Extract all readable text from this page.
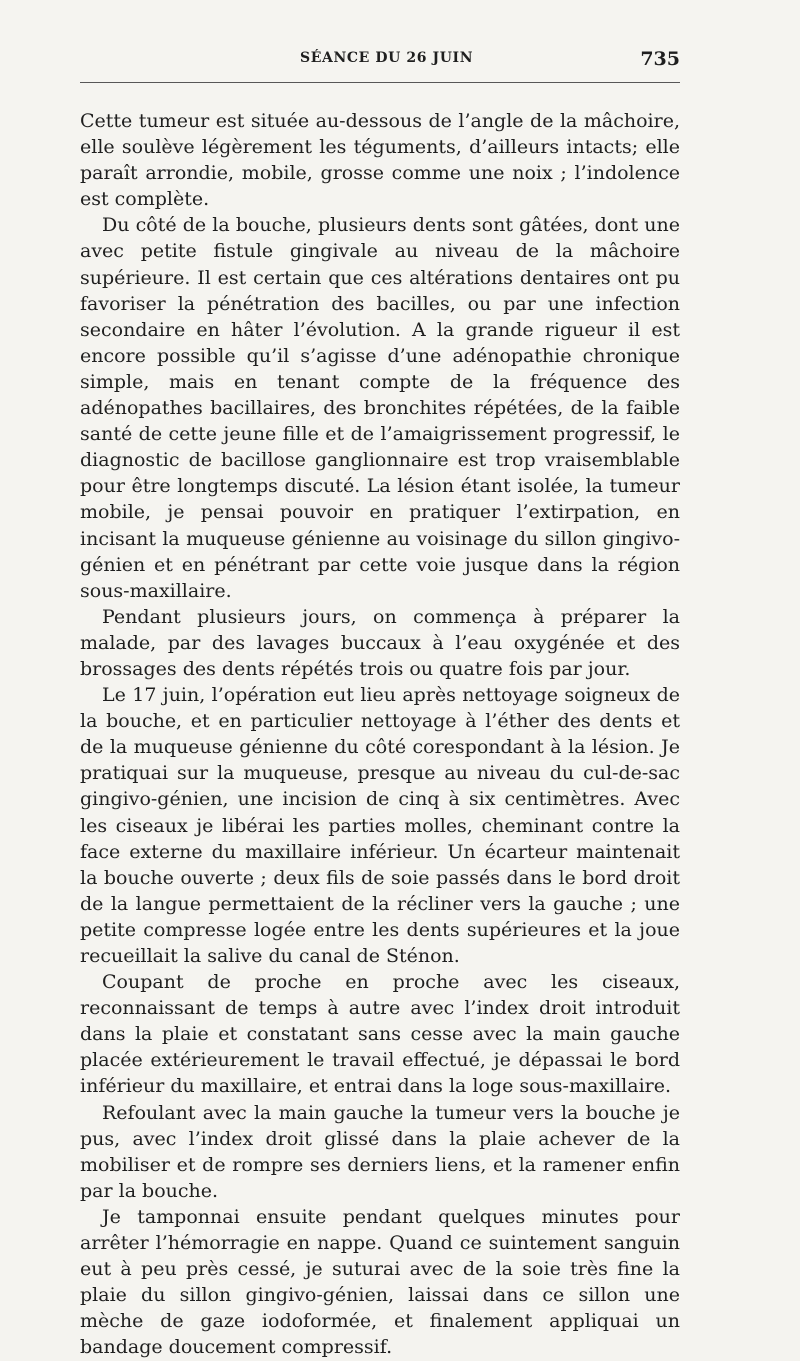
SÉANCE DU 26 JUIN	735

Cette tumeur est située au-dessous de l’angle de la mâchoire, elle soulève légèrement les téguments, d’ailleurs intacts; elle paraît arrondie, mobile, grosse comme une noix ; l’indolence est complète.

Du côté de la bouche, plusieurs dents sont gâtées, dont une avec petite fistule gingivale au niveau de la mâchoire supérieure. Il est certain que ces altérations dentaires ont pu favoriser la pénétration des bacilles, ou par une infection secondaire en hâter l’évolution. A la grande rigueur il est encore possible qu’il s’agisse d’une adénopathie chronique simple, mais en tenant compte de la fréquence des adénopathes bacillaires, des bronchites répétées, de la faible santé de cette jeune fille et de l’amaigrissement progressif, le diagnostic de bacillose ganglionnaire est trop vraisemblable pour être longtemps discuté. La lésion étant isolée, la tumeur mobile, je pensai pouvoir en pratiquer l’extirpation, en incisant la muqueuse génienne au voisinage du sillon gingivo-génien et en pénétrant par cette voie jusque dans la région sous-maxillaire.

Pendant plusieurs jours, on commença à préparer la malade, par des lavages buccaux à l’eau oxygénée et des brossages des dents répétés trois ou quatre fois par jour.

Le 17 juin, l’opération eut lieu après nettoyage soigneux de la bouche, et en particulier nettoyage à l’éther des dents et de la muqueuse génienne du côté corespondant à la lésion. Je pratiquai sur la muqueuse, presque au niveau du cul-de-sac gingivo-génien, une incision de cinq à six centimètres. Avec les ciseaux je libérai les parties molles, cheminant contre la face externe du maxillaire inférieur. Un écarteur maintenait la bouche ouverte ; deux fils de soie passés dans le bord droit de la langue permettaient de la récliner vers la gauche ; une petite compresse logée entre les dents supérieures et la joue recueillait la salive du canal de Sténon.

Coupant de proche en proche avec les ciseaux, reconnaissant de temps à autre avec l’index droit introduit dans la plaie et constatant sans cesse avec la main gauche placée extérieurement le travail effectué, je dépassai le bord inférieur du maxillaire, et entrai dans la loge sous-maxillaire.

Refoulant avec la main gauche la tumeur vers la bouche je pus, avec l’index droit glissé dans la plaie achever de la mobiliser et de rompre ses derniers liens, et la ramener enfin par la bouche.

Je tamponnai ensuite pendant quelques minutes pour arrêter l’hémorragie en nappe. Quand ce suintement sanguin eut à peu près cessé, je suturai avec de la soie très fine la plaie du sillon gingivo-génien, laissai dans ce sillon une mèche de gaze iodoformée, et finalement appliquai un bandage doucement compressif.
